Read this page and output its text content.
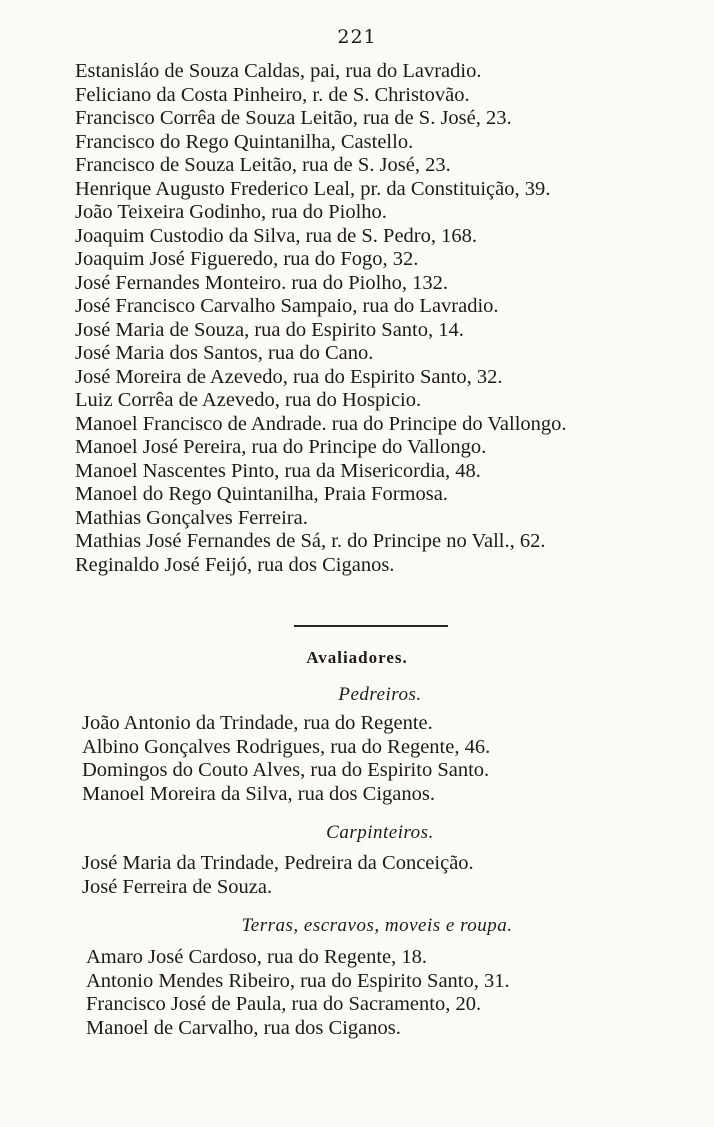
221
Estanisláo de Souza Caldas, pai, rua do Lavradio.
Feliciano da Costa Pinheiro, r. de S. Christovão.
Francisco Corrêa de Souza Leitão, rua de S. José, 23.
Francisco do Rego Quintanilha, Castello.
Francisco de Souza Leitão, rua de S. José, 23.
Henrique Augusto Frederico Leal, pr. da Constituição, 39.
João Teixeira Godinho, rua do Piolho.
Joaquim Custodio da Silva, rua de S. Pedro, 168.
Joaquim José Figueredo, rua do Fogo, 32.
José Fernandes Monteiro. rua do Piolho, 132.
José Francisco Carvalho Sampaio, rua do Lavradio.
José Maria de Souza, rua do Espirito Santo, 14.
José Maria dos Santos, rua do Cano.
José Moreira de Azevedo, rua do Espirito Santo, 32.
Luiz Corrêa de Azevedo, rua do Hospicio.
Manoel Francisco de Andrade. rua do Principe do Vallongo.
Manoel José Pereira, rua do Principe do Vallongo.
Manoel Nascentes Pinto, rua da Misericordia, 48.
Manoel do Rego Quintanilha, Praia Formosa.
Mathias Gonçalves Ferreira.
Mathias José Fernandes de Sá, r. do Principe no Vall., 62.
Reginaldo José Feijó, rua dos Ciganos.
Avaliadores.
Pedreiros.
João Antonio da Trindade, rua do Regente.
Albino Gonçalves Rodrigues, rua do Regente, 46.
Domingos do Couto Alves, rua do Espirito Santo.
Manoel Moreira da Silva, rua dos Ciganos.
Carpinteiros.
José Maria da Trindade, Pedreira da Conceição.
José Ferreira de Souza.
Terras, escravos, moveis e roupa.
Amaro José Cardoso, rua do Regente, 18.
Antonio Mendes Ribeiro, rua do Espirito Santo, 31.
Francisco José de Paula, rua do Sacramento, 20.
Manoel de Carvalho, rua dos Ciganos.
